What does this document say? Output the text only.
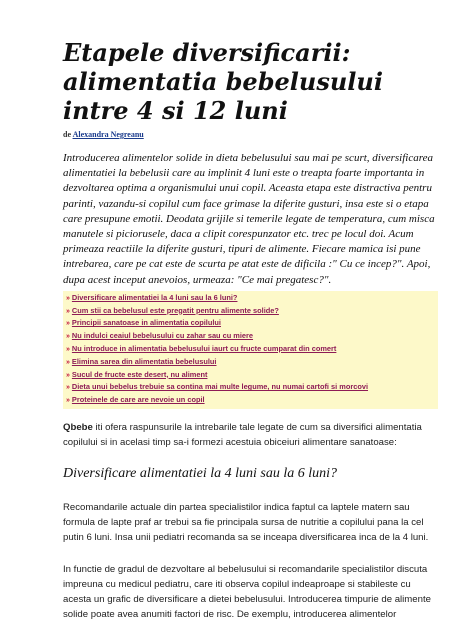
Etapele diversificarii: alimentatia bebelusului intre 4 si 12 luni

de Alexandra Negreanu

Introducerea alimentelor solide in dieta bebelusului sau mai pe scurt, diversificarea alimentatiei la bebelusii care au implinit 4 luni este o treapta foarte importanta in dezvoltarea optima a organismului unui copil. Aceasta etapa este distractiva pentru parinti, vazandu-si copilul cum face grimase la diferite gusturi, insa este si o etapa care presupune emotii. Deodata grijile si temerile legate de temperatura, cum misca manutele si piciorusele, daca a clipit corespunzator etc. trec pe locul doi. Acum primeaza reactiile la diferite gusturi, tipuri de alimente. Fiecare mamica isi pune intrebarea, care pe cat este de scurta pe atat este de dificila :" Cu ce incep?". Apoi, dupa acest inceput anevoios, urmeaza: "Ce mai pregatesc?".

» Diversificare alimentatiei la 4 luni sau la 6 luni?
» Cum stii ca bebelusul este pregatit pentru alimente solide?
» Principii sanatoase in alimentatia copilului
» Nu indulci ceaiul bebelusului cu zahar sau cu miere
» Nu introduce in alimentatia bebelusului iaurt cu fructe cumparat din comert
» Elimina sarea din alimentatia bebelusului
» Sucul de fructe este desert, nu aliment
» Dieta unui bebelus trebuie sa contina mai multe legume, nu numai cartofi si morcovi
» Proteinele de care are nevoie un copil

Qbebe iti ofera raspunsurile la intrebarile tale legate de cum sa diversifici alimentatia copilului si in acelasi timp sa-i formezi acestuia obiceiuri alimentare sanatoase:

Diversificare alimentatiei la 4 luni sau la 6 luni?

Recomandarile actuale din partea specialistilor indica faptul ca laptele matern sau formula de lapte praf ar trebui sa fie principala sursa de nutritie a copilului pana la cel putin 6 luni. Insa unii pediatri recomanda sa se inceapa diversificarea inca de la 4 luni.

In functie de gradul de dezvoltare al bebelusului si recomandarile specialistilor discuta impreuna cu medicul pediatru, care iti observa copilul indeaproape si stabileste cu acesta un grafic de diversificare a dietei bebelusului. Introducerea timpurie de alimente solide poate avea anumiti factori de risc. De exemplu, introducerea alimentelor
